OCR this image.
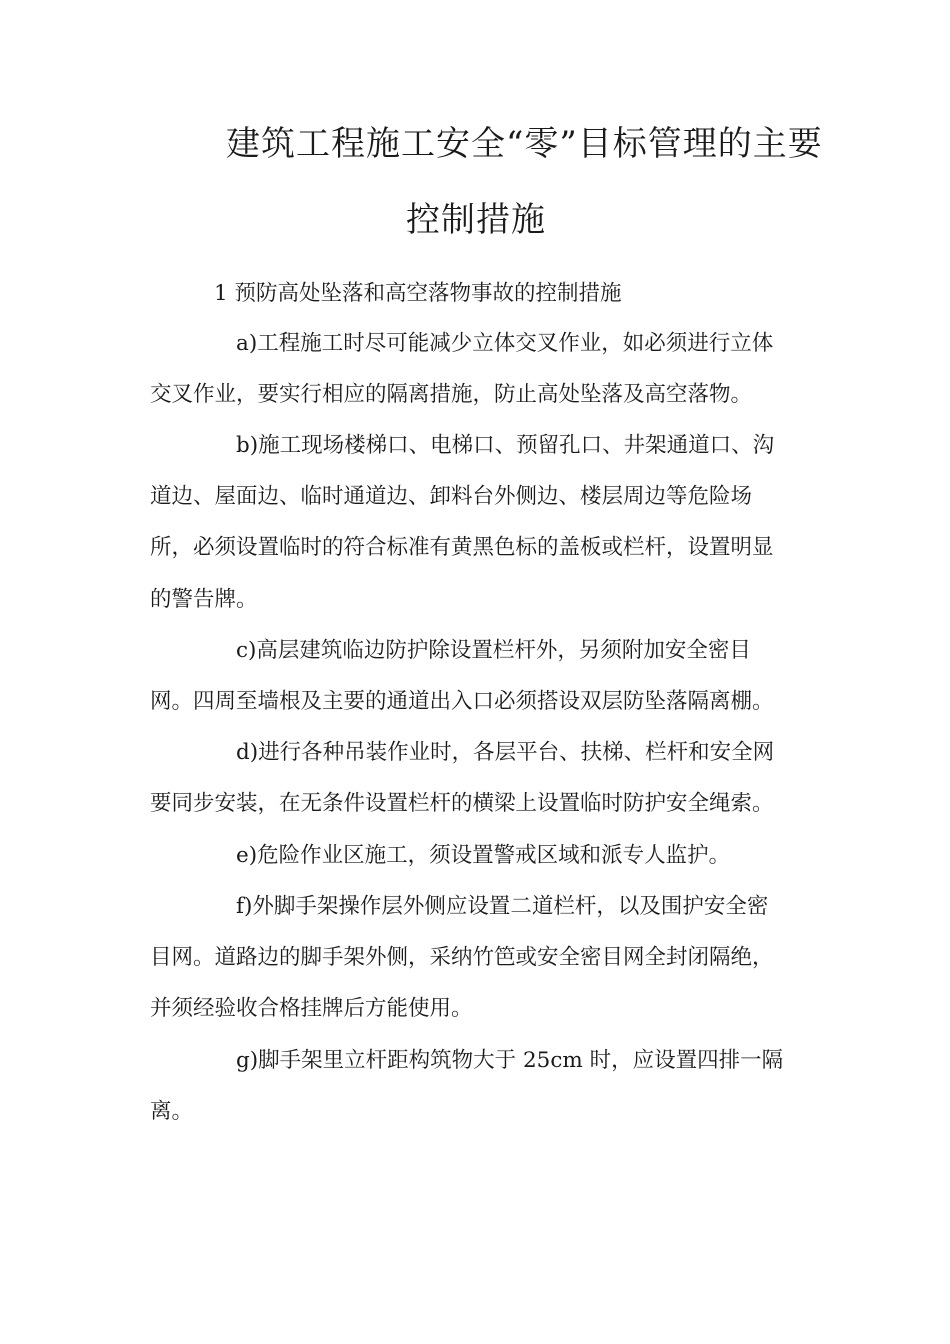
建筑工程施工安全“零”目标管理的主要
控制措施
1 预防高处坠落和高空落物事故的控制措施
a)工程施工时尽可能减少立体交叉作业，如必须进行立体
交叉作业，要实行相应的隔离措施，防止高处坠落及高空落物。
b)施工现场楼梯口、电梯口、预留孔口、井架通道口、沟
道边、屋面边、临时通道边、卸料台外侧边、楼层周边等危险场
所，必须设置临时的符合标准有黄黑色标的盖板或栏杆，设置明显
的警告牌。
c)高层建筑临边防护除设置栏杆外，另须附加安全密目
网。四周至墙根及主要的通道出入口必须搭设双层防坠落隔离棚。
d)进行各种吊装作业时，各层平台、扶梯、栏杆和安全网
要同步安装，在无条件设置栏杆的横梁上设置临时防护安全绳索。
e)危险作业区施工，须设置警戒区域和派专人监护。
f)外脚手架操作层外侧应设置二道栏杆，以及围护安全密
目网。道路边的脚手架外侧，采纳竹笆或安全密目网全封闭隔绝，
并须经验收合格挂牌后方能使用。
g)脚手架里立杆距构筑物大于 25cm 时，应设置四排一隔
离。
